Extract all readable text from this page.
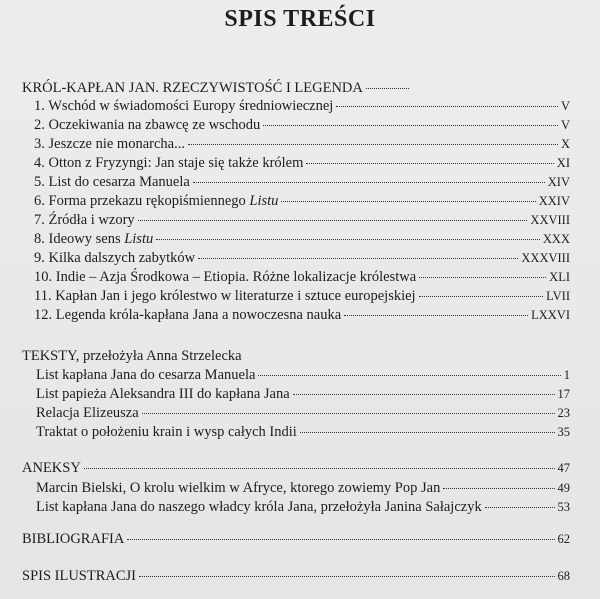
SPIS TREŚCI
KRÓL-KAPŁAN JAN. RZECZYWISTOŚĆ I LEGENDA
1. Wschód w świadomości Europy średniowiecznej	V
2. Oczekiwania na zbawcę ze wschodu	V
3. Jeszcze nie monarcha...	X
4. Otton z Fryzyngi: Jan staje się także królem	XI
5. List do cesarza Manuela	XIV
6. Forma przekazu rękopiśmiennego Listu	XXIV
7. Źródła i wzory	XXVIII
8. Ideowy sens Listu	XXX
9. Kilka dalszych zabytków	XXXVIII
10. Indie – Azja Środkowa – Etiopia. Różne lokalizacje królestwa	XLI
11. Kapłan Jan i jego królestwo w literaturze i sztuce europejskiej	LVII
12. Legenda króla-kapłana Jana a nowoczesna nauka	LXXVI
TEKSTY, przełożyła Anna Strzelecka
List kapłana Jana do cesarza Manuela	1
List papieża Aleksandra III do kapłana Jana	17
Relacja Elizeusza	23
Traktat o położeniu krain i wysp całych Indii	35
ANEKSY	47
Marcin Bielski, O krolu wielkim w Afryce, ktorego zowiemy Pop Jan	49
List kapłana Jana do naszego władcy króla Jana, przełożyła Janina Sałajczyk	53
BIBLIOGRAFIA	62
SPIS ILUSTRACJI	68
